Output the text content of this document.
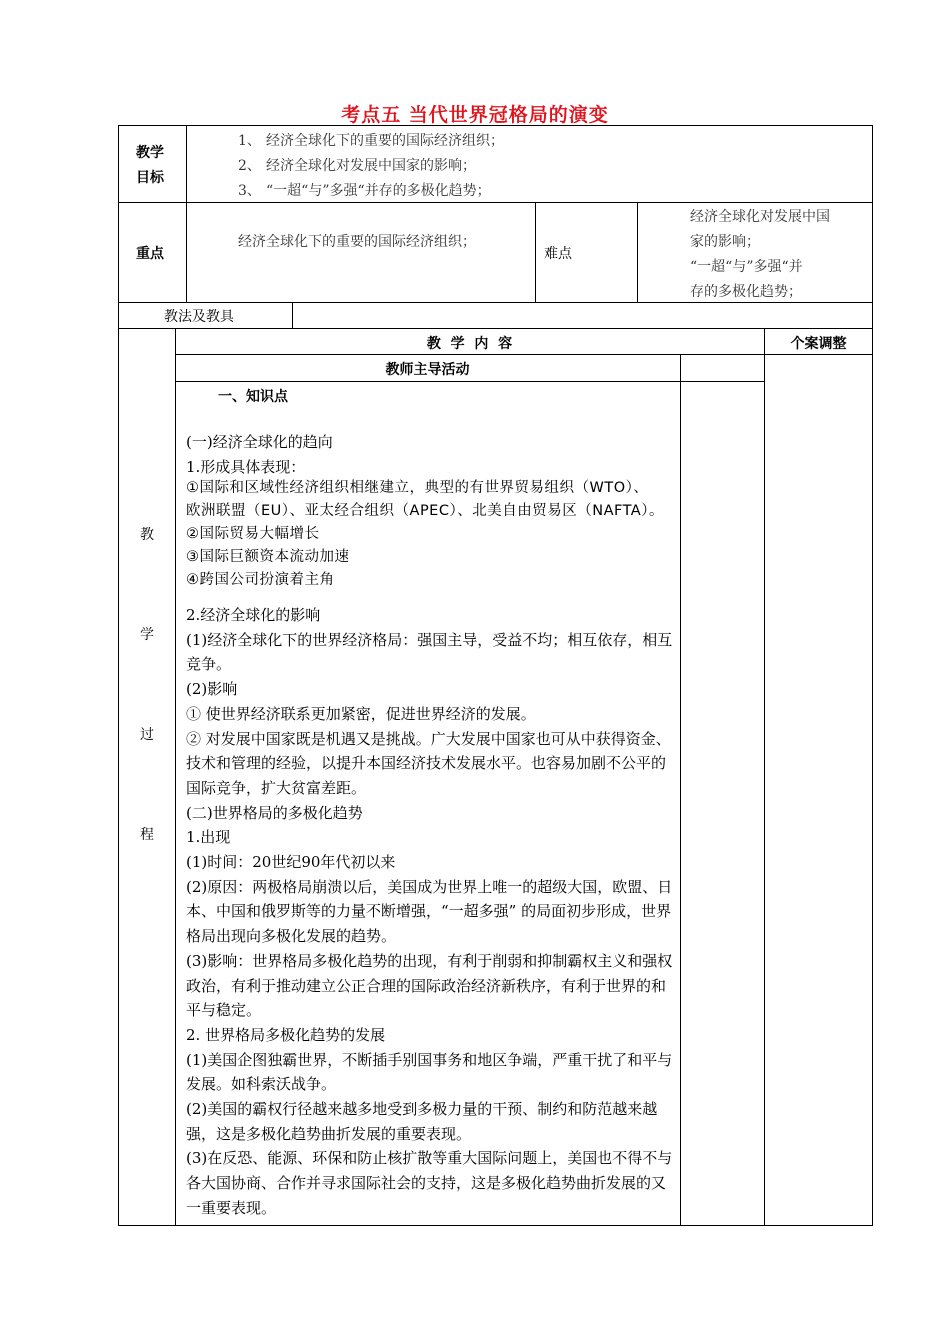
考点五 当代世界冠格局的演变
教学
目标
1、 经济全球化下的重要的国际经济组织；
2、 经济全球化对发展中国家的影响；
3、 “一超“与”多强“并存的多极化趋势；
重点
经济全球化下的重要的国际经济组织；
难点
经济全球化对发展中国
家的影响；
“一超“与”多强“并
存的多极化趋势；
教法及教具
教
学
过
程
教  学  内  容	个案调整
教师主导活动
一、知识点

(一)经济全球化的趋向

1.形成具体表现：

①国际和区域性经济组织相继建立，典型的有世界贸易组织（WTO）、

欧洲联盟（EU）、亚太经合组织（APEC）、北美自由贸易区（NAFTA）。

②国际贸易大幅增长

③国际巨额资本流动加速

④跨国公司扮演着主角

2.经济全球化的影响

(1)经济全球化下的世界经济格局：强国主导，受益不均；相互依存，相互竞争。

(2)影响

① 使世界经济联系更加紧密，促进世界经济的发展。

② 对发展中国家既是机遇又是挑战。广大发展中国家也可从中获得资金、技术和管理的经验，以提升本国经济技术发展水平。也容易加剧不公平的国际竞争，扩大贫富差距。

(二)世界格局的多极化趋势

1.出现

(1)时间：20世纪90年代初以来

(2)原因：两极格局崩溃以后，美国成为世界上唯一的超级大国，欧盟、日本、中国和俄罗斯等的力量不断增强，“一超多强” 的局面初步形成，世界格局出现向多极化发展的趋势。

(3)影响：世界格局多极化趋势的出现，有利于削弱和抑制霸权主义和强权政治，有利于推动建立公正合理的国际政治经济新秩序，有利于世界的和平与稳定。

2. 世界格局多极化趋势的发展

(1)美国企图独霸世界，不断插手别国事务和地区争端，严重干扰了和平与发展。如科索沃战争。

(2)美国的霸权行径越来越多地受到多极力量的干预、制约和防范越来越强，这是多极化趋势曲折发展的重要表现。

(3)在反恐、能源、环保和防止核扩散等重大国际问题上，美国也不得不与各大国协商、合作并寻求国际社会的支持，这是多极化趋势曲折发展的又一重要表现。
